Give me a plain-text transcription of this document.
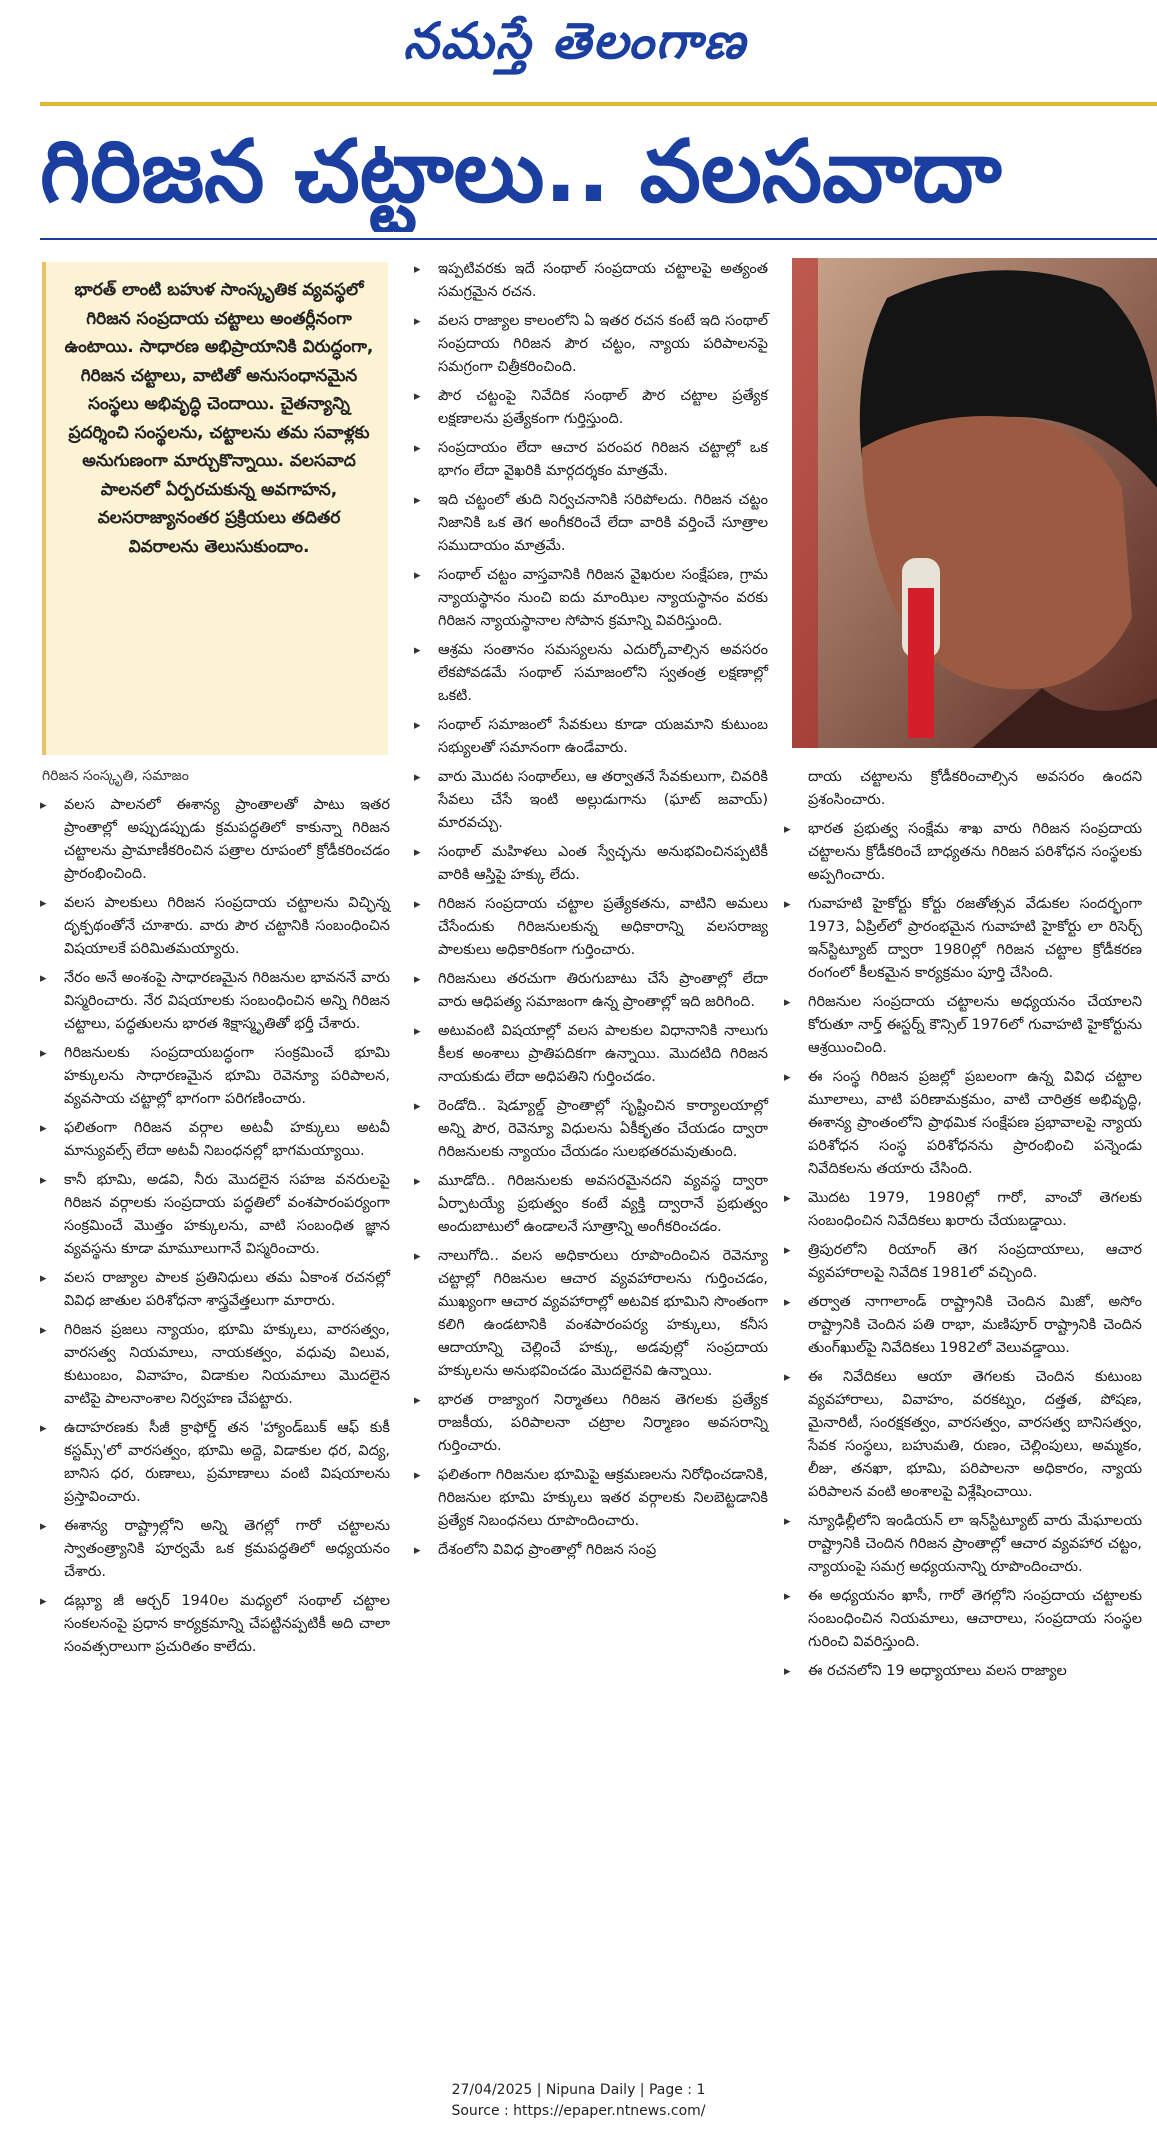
నమస్తే తెలంగాణ
గిరిజన చట్టాలు.. వలసవాదా

భారత్ లాంటి బహుళ సాంస్కృతిక వ్యవస్థలో గిరిజన సంప్రదాయ చట్టాలు అంతర్లీనంగా ఉంటాయి. సాధారణ అభిప్రాయానికి విరుద్ధంగా, గిరిజన చట్టాలు, వాటితో అనుసంధానమైన సంస్థలు అభివృద్ధి చెందాయి. చైతన్యాన్ని ప్రదర్శించి సంస్థలను, చట్టాలను తమ సవాళ్లకు అనుగుణంగా మార్చుకొన్నాయి. వలసవాద పాలనలో ఏర్పరచుకున్న అవగాహన, వలసరాజ్యానంతర ప్రక్రియలు తదితర వివరాలను తెలుసుకుందాం.

గిరిజన సంస్కృతి, సమాజం
▸ వలస పాలనలో ఈశాన్య ప్రాంతాలతో పాటు ఇతర ప్రాంతాల్లో అప్పుడప్పుడు క్రమపద్ధతిలో కాకున్నా గిరిజన చట్టాలను ప్రామాణీకరించిన పత్రాల రూపంలో క్రోడీకరించడం ప్రారంభించింది.
▸ వలస పాలకులు గిరిజన సంప్రదాయ చట్టాలను విచ్ఛిన్న దృక్పథంతోనే చూశారు. వారు పౌర చట్టానికి సంబంధించిన విషయాలకే పరిమితమయ్యారు.
▸ నేరం అనే అంశంపై సాధారణమైన గిరిజనుల భావననే వారు విస్మరించారు. నేర విషయాలకు సంబంధించిన అన్ని గిరిజన చట్టాలు, పద్ధతులను భారత శిక్షాస్మృతితో భర్తీ చేశారు.
▸ గిరిజనులకు సంప్రదాయబద్ధంగా సంక్రమించే భూమి హక్కులను సాధారణమైన భూమి రెవెన్యూ పరిపాలన, వ్యవసాయ చట్టాల్లో భాగంగా పరిగణించారు.
▸ ఫలితంగా గిరిజన వర్గాల అటవీ హక్కులు అటవీ మాన్యువల్స్ లేదా అటవీ నిబంధనల్లో భాగమయ్యాయి.
▸ కానీ భూమి, అడవి, నీరు మొదలైన సహజ వనరులపై గిరిజన వర్గాలకు సంప్రదాయ పద్ధతిలో వంశపారంపర్యంగా సంక్రమించే మొత్తం హక్కులను, వాటి సంబంధిత జ్ఞాన వ్యవస్థను కూడా మామూలుగానే విస్మరించారు.
▸ వలస రాజ్యాల పాలక ప్రతినిధులు తమ ఏకాంశ రచనల్లో వివిధ జాతుల పరిశోధనా శాస్త్రవేత్తలుగా మారారు.
▸ గిరిజన ప్రజలు న్యాయం, భూమి హక్కులు, వారసత్వం, వారసత్వ నియమాలు, నాయకత్వం, వధువు విలువ, కుటుంబం, వివాహం, విడాకుల నియమాలు మొదలైన వాటిపై పాలనాంశాల నిర్వహణ చేపట్టారు.
▸ ఉదాహరణకు సీజీ క్రాఫోర్డ్ తన 'హ్యాండ్‌బుక్ ఆఫ్ కుకీ కస్టమ్స్'లో వారసత్వం, భూమి అద్దె, విడాకుల ధర, విద్య, బానిస ధర, రుణాలు, ప్రమాణాలు వంటి విషయాలను ప్రస్తావించారు.
▸ ఈశాన్య రాష్ట్రాల్లోని అన్ని తెగల్లో గారో చట్టాలను స్వాతంత్ర్యానికి పూర్వమే ఒక క్రమపద్ధతిలో అధ్యయనం చేశారు.
▸ డబ్ల్యూ జీ ఆర్చర్ 1940ల మధ్యలో సంథాల్ చట్టాల సంకలనంపై ప్రధాన కార్యక్రమాన్ని చేపట్టినప్పటికీ అది చాలా సంవత్సరాలుగా ప్రచురితం కాలేదు.
▸ ఇప్పటివరకు ఇదే సంథాల్ సంప్రదాయ చట్టాలపై అత్యంత సమగ్రమైన రచన.
▸ వలస రాజ్యాల కాలంలోని ఏ ఇతర రచన కంటే ఇది సంథాల్ సంప్రదాయ గిరిజన పౌర చట్టం, న్యాయ పరిపాలనపై సమగ్రంగా చిత్రీకరించింది.
▸ పౌర చట్టంపై నివేదిక సంథాల్ పౌర చట్టాల ప్రత్యేక లక్షణాలను ప్రత్యేకంగా గుర్తిస్తుంది.
▸ సంప్రదాయం లేదా ఆచార పరంపర గిరిజన చట్టాల్లో ఒక భాగం లేదా వైఖరికి మార్గదర్శకం మాత్రమే.
▸ ఇది చట్టంలో తుది నిర్వచనానికి సరిపోలదు. గిరిజన చట్టం నిజానికి ఒక తెగ అంగీకరించే లేదా వారికి వర్తించే సూత్రాల సముదాయం మాత్రమే.
▸ సంథాల్ చట్టం వాస్తవానికి గిరిజన వైఖరుల సంక్షేపణ, గ్రామ న్యాయస్థానం నుంచి ఐదు మాంఝిల న్యాయస్థానం వరకు గిరిజన న్యాయస్థానాల సోపాన క్రమాన్ని వివరిస్తుంది.
▸ ఆశ్రమ సంతానం సమస్యలను ఎదుర్కోవాల్సిన అవసరం లేకపోవడమే సంథాల్ సమాజంలోని స్వతంత్ర లక్షణాల్లో ఒకటి.
▸ సంథాల్ సమాజంలో సేవకులు కూడా యజమాని కుటుంబ సభ్యులతో సమానంగా ఉండేవారు.
▸ వారు మొదట సంథాల్‌లు, ఆ తర్వాతనే సేవకులుగా, చివరికి సేవలు చేసే ఇంటి అల్లుడుగాను (ఘాట్ జవాయ్) మారవచ్చు.
▸ సంథాల్ మహిళలు ఎంత స్వేచ్ఛను అనుభవించినప్పటికీ వారికి ఆస్తిపై హక్కు లేదు.
▸ గిరిజన సంప్రదాయ చట్టాల ప్రత్యేకతను, వాటిని అమలు చేసేందుకు గిరిజనులకున్న అధికారాన్ని వలసరాజ్య పాలకులు అధికారికంగా గుర్తించారు.
▸ గిరిజనులు తరచుగా తిరుగుబాటు చేసే ప్రాంతాల్లో లేదా వారు ఆధిపత్య సమాజంగా ఉన్న ప్రాంతాల్లో ఇది జరిగింది.
▸ అటువంటి విషయాల్లో వలస పాలకుల విధానానికి నాలుగు కీలక అంశాలు ప్రాతిపదికగా ఉన్నాయి. మొదటిది గిరిజన నాయకుడు లేదా అధిపతిని గుర్తించడం.
▸ రెండోది.. షెడ్యూల్డ్ ప్రాంతాల్లో సృష్టించిన కార్యాలయాల్లో అన్ని పౌర, రెవెన్యూ విధులను ఏకీకృతం చేయడం ద్వారా గిరిజనులకు న్యాయం చేయడం సులభతరమవుతుంది.
▸ మూడోది.. గిరిజనులకు అవసరమైనదని వ్యవస్థ ద్వారా ఏర్పాటయ్యే ప్రభుత్వం కంటే వ్యక్తి ద్వారానే ప్రభుత్వం అందుబాటులో ఉండాలనే సూత్రాన్ని అంగీకరించడం.
▸ నాలుగోది.. వలస అధికారులు రూపొందించిన రెవెన్యూ చట్టాల్లో గిరిజనుల ఆచార వ్యవహారాలను గుర్తించడం, ముఖ్యంగా ఆచార వ్యవహారాల్లో అటవిక భూమిని సొంతంగా కలిగి ఉండటానికి వంశపారంపర్య హక్కులు, కనీస ఆదాయాన్ని చెల్లించే హక్కు, అడవుల్లో సంప్రదాయ హక్కులను అనుభవించడం మొదలైనవి ఉన్నాయి.
▸ భారత రాజ్యాంగ నిర్మాతలు గిరిజన తెగలకు ప్రత్యేక రాజకీయ, పరిపాలనా చట్రాల నిర్మాణం అవసరాన్ని గుర్తించారు.
▸ ఫలితంగా గిరిజనుల భూమిపై ఆక్రమణలను నిరోధించడానికి, గిరిజనుల భూమి హక్కులు ఇతర వర్గాలకు నిలబెట్టడానికి ప్రత్యేక నిబంధనలు రూపొందించారు.
▸ దేశంలోని వివిధ ప్రాంతాల్లో గిరిజన సంప్ర
దాయ చట్టాలను క్రోడీకరించాల్సిన అవసరం ఉందని ప్రశంసించారు.
▸ భారత ప్రభుత్వ సంక్షేమ శాఖ వారు గిరిజన సంప్రదాయ చట్టాలను క్రోడీకరించే బాధ్యతను గిరిజన పరిశోధన సంస్థలకు అప్పగించారు.
▸ గువాహటి హైకోర్టు కోర్టు రజతోత్సవ వేడుకల సందర్భంగా 1973, ఏప్రిల్‌లో ప్రారంభమైన గువాహటి హైకోర్టు లా రిసెర్చ్ ఇన్‌స్టిట్యూట్ ద్వారా 1980ల్లో గిరిజన చట్టాల క్రోడీకరణ రంగంలో కీలకమైన కార్యక్రమం పూర్తి చేసింది.
▸ గిరిజనుల సంప్రదాయ చట్టాలను అధ్యయనం చేయాలని కోరుతూ నార్త్ ఈస్టర్న్ కౌన్సిల్ 1976లో గువాహటి హైకోర్టును ఆశ్రయించింది.
▸ ఈ సంస్థ గిరిజన ప్రజల్లో ప్రబలంగా ఉన్న వివిధ చట్టాల మూలాలు, వాటి పరిణామక్రమం, వాటి చారిత్రక అభివృద్ధి, ఈశాన్య ప్రాంతంలోని ప్రాథమిక సంక్షేపణ ప్రభావాలపై న్యాయ పరిశోధన సంస్థ పరిశోధనను ప్రారంభించి పన్నెండు నివేదికలను తయారు చేసింది.
▸ మొదట 1979, 1980ల్లో గారో, వాంచో తెగలకు సంబంధించిన నివేదికలు ఖరారు చేయబడ్డాయి.
▸ త్రిపురలోని రియాంగ్ తెగ సంప్రదాయాలు, ఆచార వ్యవహారాలపై నివేదిక 1981లో వచ్చింది.
▸ తర్వాత నాగాలాండ్ రాష్ట్రానికి చెందిన మిజో, అసోం రాష్ట్రానికి చెందిన పతి రాభా, మణిపూర్ రాష్ట్రానికి చెందిన తుంగ్‌ఖుల్‌పై నివేదికలు 1982లో వెలువడ్డాయి.
▸ ఈ నివేదికలు ఆయా తెగలకు చెందిన కుటుంబ వ్యవహారాలు, వివాహం, వరకట్నం, దత్తత, పోషణ, మైనారిటీ, సంరక్షకత్వం, వారసత్వం, వారసత్వ బానిసత్వం, సేవక సంస్థలు, బహుమతి, రుణం, చెల్లింపులు, అమ్మకం, లీజు, తనఖా, భూమి, పరిపాలనా అధికారం, న్యాయ పరిపాలన వంటి అంశాలపై విశ్లేషించాయి.
▸ న్యూఢిల్లీలోని ఇండియన్ లా ఇన్‌స్టిట్యూట్ వారు మేఘాలయ రాష్ట్రానికి చెందిన గిరిజన ప్రాంతాల్లో ఆచార వ్యవహార చట్టం, న్యాయంపై సమగ్ర అధ్యయనాన్ని రూపొందించారు.
▸ ఈ అధ్యయనం ఖాసీ, గారో తెగల్లోని సంప్రదాయ చట్టాలకు సంబంధించిన నియమాలు, ఆచారాలు, సంప్రదాయ సంస్థల గురించి వివరిస్తుంది.
▸ ఈ రచనలోని 19 అధ్యాయాలు వలస రాజ్యాల
27/04/2025 | Nipuna Daily | Page : 1
Source : https://epaper.ntnews.com/
